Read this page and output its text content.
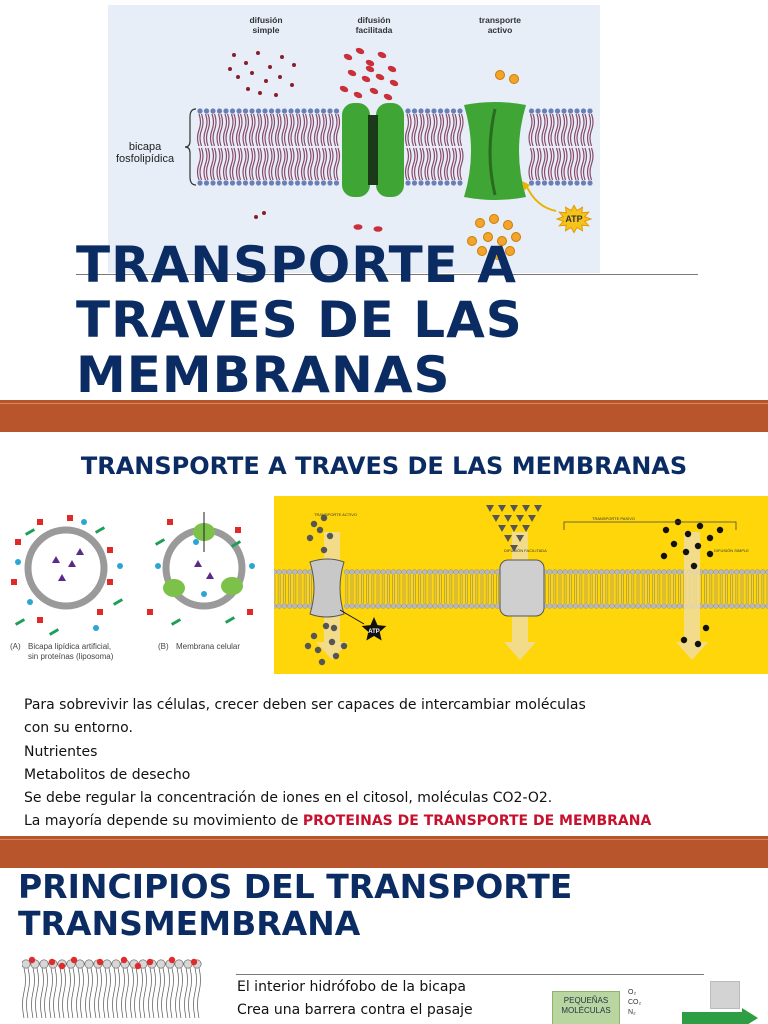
ATP
difusión
simple
difusión
facilitada
transporte
activo
bicapa
fosfolipídica
TRANSPORTE A
TRAVES DE LAS
MEMBRANAS
TRANSPORTE A TRAVES DE LAS MEMBRANAS
(A) Bicapa lipídica artificial,
sin proteínas (liposoma)
(B) Membrana celular
ATP
TRANSPORTE ACTIVO
TRANSPORTE PASIVO
DIFUSIÓN FACILITADA	DIFUSIÓN SIMPLE

Para sobrevivir las células, crecer deben ser capaces de intercambiar moléculas

con su entorno.

Nutrientes

Metabolitos de desecho

Se debe regular la concentración de iones en el citosol, moléculas CO2-O2.

La mayoría depende su movimiento de PROTEINAS DE TRANSPORTE DE MEMBRANA

PRINCIPIOS DEL TRANSPORTE
TRANSMEMBRANA

El interior hidrófobo de la bicapa

Crea una barrera contra el pasaje

PEQUEÑAS
MOLÉCULAS
O₂
CO₂
N₂
